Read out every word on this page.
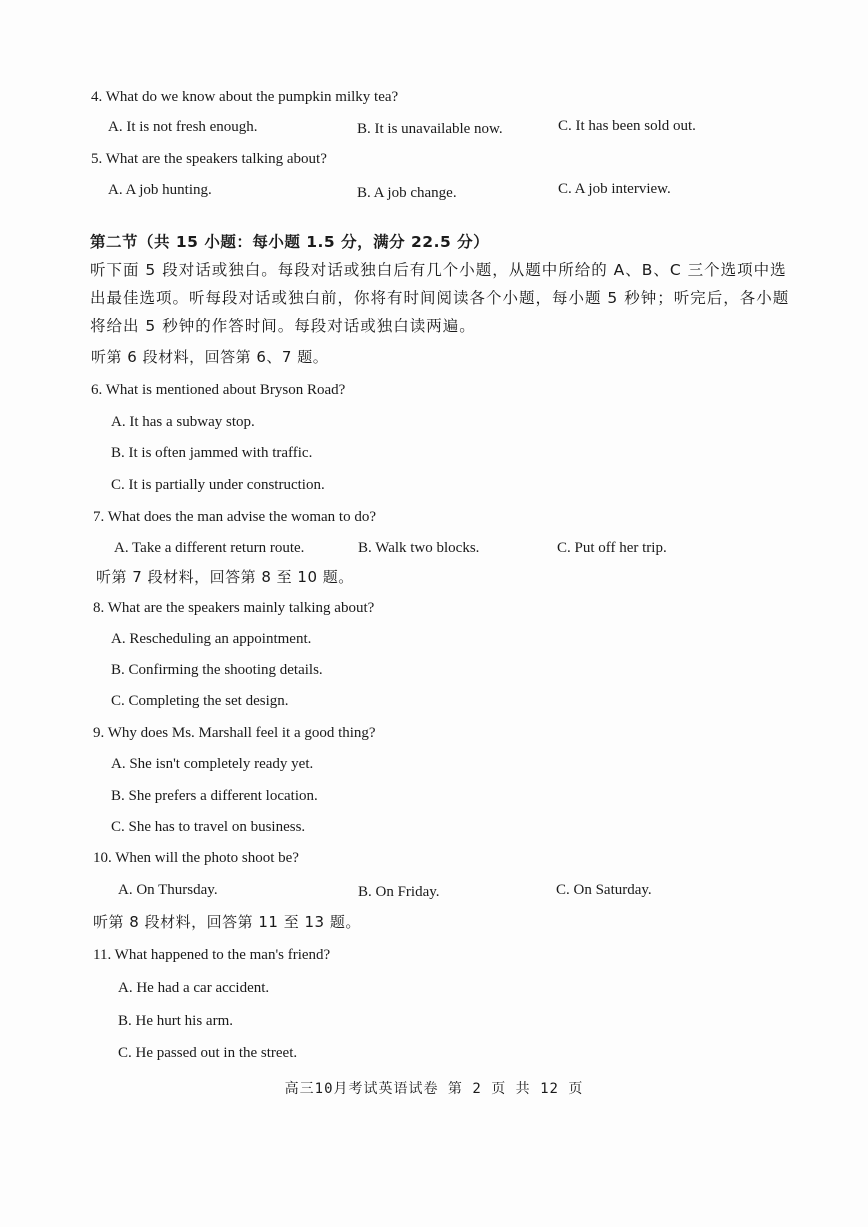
4. What do we know about the pumpkin milky tea?
A. It is not fresh enough.	B. It is unavailable now.	C. It has been sold out.
5. What are the speakers talking about?
A. A job hunting.	B. A job change.	C. A job interview.
第二节（共 15 小题：每小题 1.5 分，满分 22.5 分）
听下面 5 段对话或独白。每段对话或独白后有几个小题，从题中所给的 A、B、C 三个选项中选出最佳选项。听每段对话或独白前，你将有时间阅读各个小题，每小题 5 秒钟；听完后，各小题将给出 5 秒钟的作答时间。每段对话或独白读两遍。
听第 6 段材料，回答第 6、7 题。
6. What is mentioned about Bryson Road?
A. It has a subway stop.
B. It is often jammed with traffic.
C. It is partially under construction.
7. What does the man advise the woman to do?
A. Take a different return route.	B. Walk two blocks.	C. Put off her trip.
听第 7 段材料，回答第 8 至 10 题。
8. What are the speakers mainly talking about?
A. Rescheduling an appointment.
B. Confirming the shooting details.
C. Completing the set design.
9. Why does Ms. Marshall feel it a good thing?
A. She isn't completely ready yet.
B. She prefers a different location.
C. She has to travel on business.
10. When will the photo shoot be?
A. On Thursday.	B. On Friday.	C. On Saturday.
听第 8 段材料，回答第 11 至 13 题。
11. What happened to the man's friend?
A. He had a car accident.
B. He hurt his arm.
C. He passed out in the street.
高三10月考试英语试卷 第 2 页 共 12 页
